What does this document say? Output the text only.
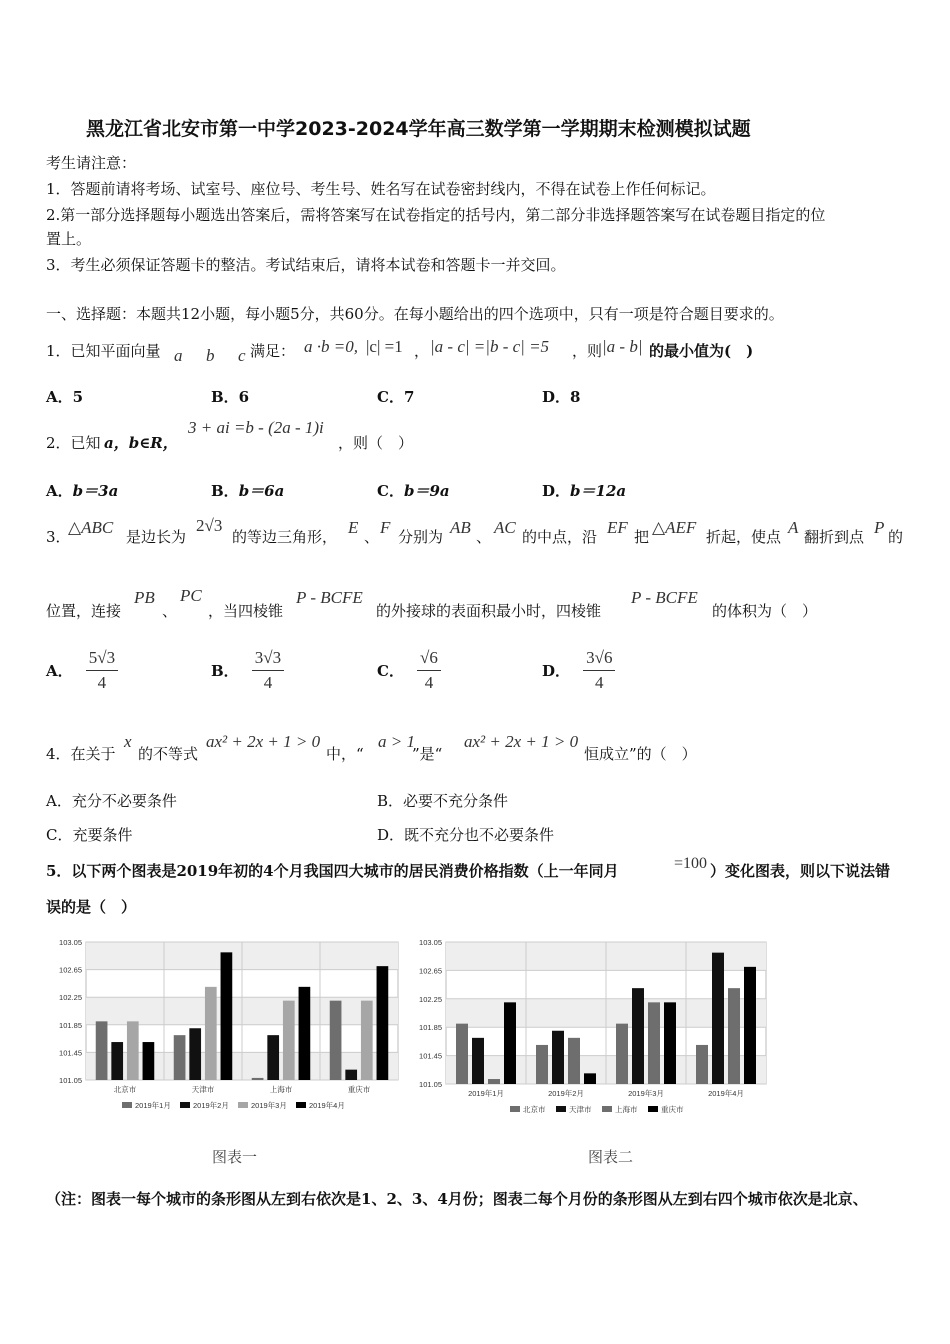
黑龙江省北安市第一中学2023-2024学年高三数学第一学期期末检测模拟试题
考生请注意：
1．答题前请将考场、试室号、座位号、考生号、姓名写在试卷密封线内，不得在试卷上作任何标记。
2.第一部分选择题每小题选出答案后，需将答案写在试卷指定的括号内，第二部分非选择题答案写在试卷题目指定的位
置上。
3．考生必须保证答题卡的整洁。考试结束后，请将本试卷和答题卡一并交回。
一、选择题：本题共12小题，每小题5分，共60分。在每小题给出的四个选项中，只有一项是符合题目要求的。
1．已知平面向量 a b c 满足： a ·b =0, |c| =1 ， |a - c| =|b - c| =5 ，则 |a - b| 的最小值为(　)
A．5	B．6	C．7	D．8
2．已知 a，b∈R，
3 + ai =b - (2a - 1)i
，则（　）
A．b＝3a	B．b＝6a	C．b＝9a	D．b＝12a
3．
△ABC 是边长为
2√3
的等边三角形， E 、 F 分别为 AB 、 AC 的中点，沿 EF 把 △AEF 折起，使点 A 翻折到点 P 的
位置，连接
PB
、
PC
，当四棱锥
P - BCFE
的外接球的表面积最小时，四棱锥
P - BCFE
的体积为（　）
A． $\frac{5√3}{4}$	B． $\frac{3√3}{4}$	C． $\frac{√6}{4}$	D． $\frac{3√6}{4}$
4．在关于
x
的不等式
ax² + 2x + 1 > 0
中，“
a > 1
”是“
ax² + 2x + 1 > 0
恒成立”的（　）
A．充分不必要条件	B．必要不充分条件
C．充要条件	D．既不充分也不必要条件
5．以下两个图表是2019年初的4个月我国四大城市的居民消费价格指数（上一年同月	=100 ）变化图表，则以下说法错
误的是（　）
103.05
102.65
102.25
101.85
101.45
101.05
北京市	天津市	上海市	重庆市
2019年1月	2019年2月	2019年3月	2019年4月
103.05
102.65
102.25
101.85
101.45
101.05
2019年1月	2019年2月	2019年3月	2019年4月
北京市	天津市	上海市	重庆市
图表一	图表二
（注：图表一每个城市的条形图从左到右依次是1、2、3、4月份；图表二每个月份的条形图从左到右四个城市依次是北京、
